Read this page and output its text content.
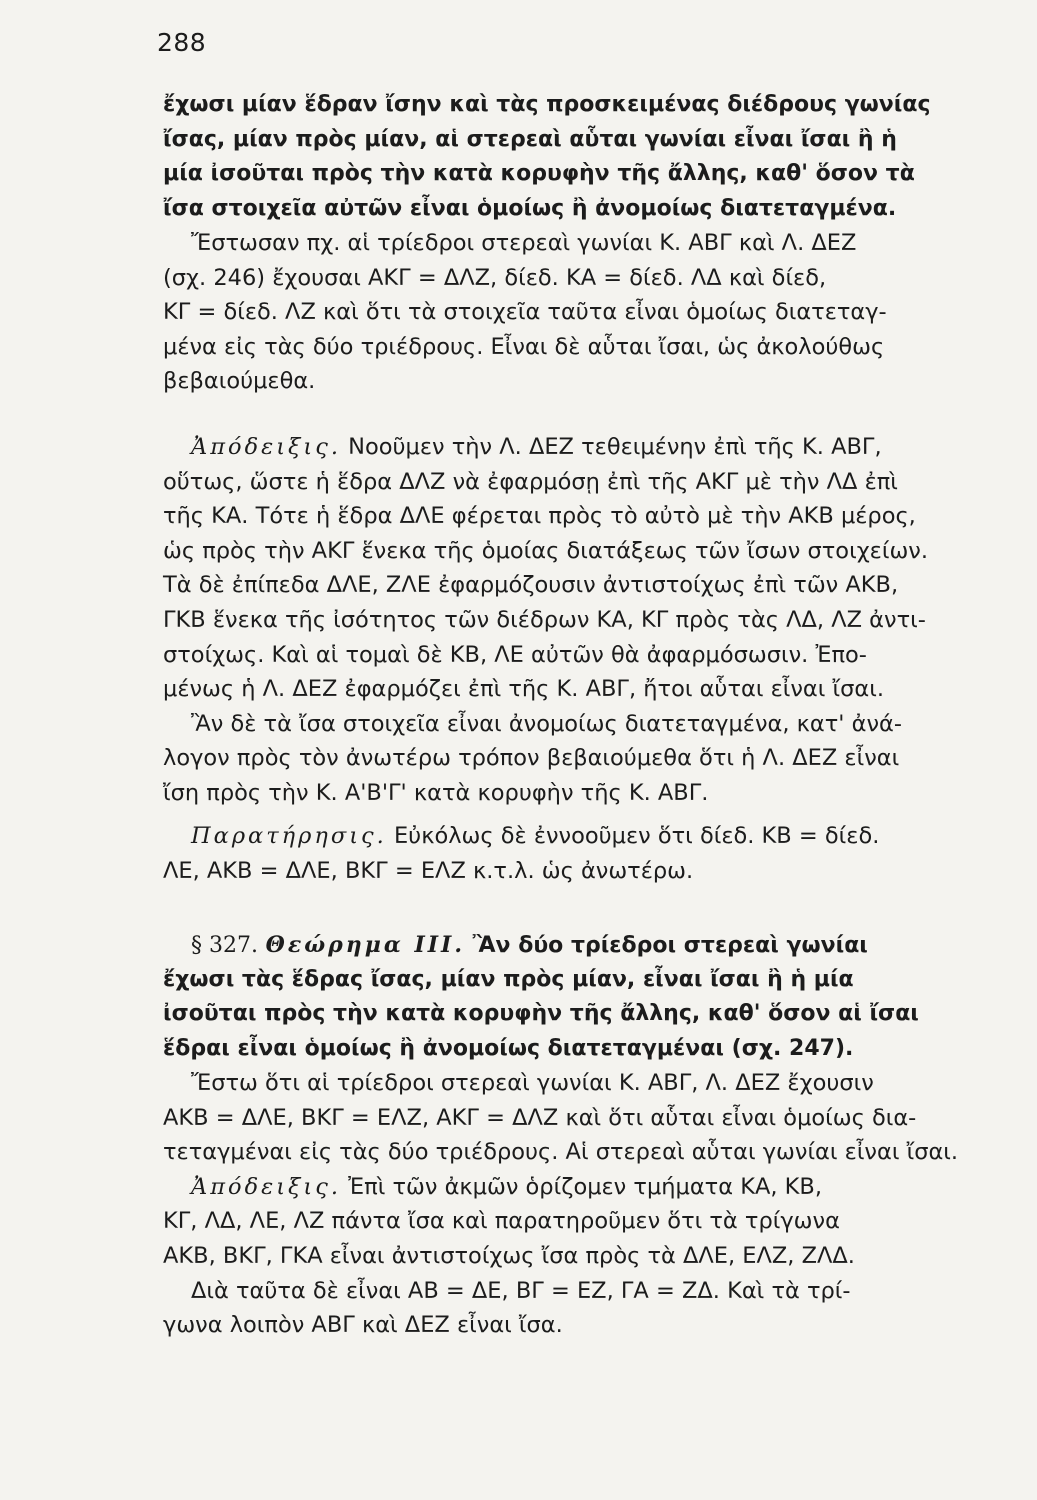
288
ἔχωσι μίαν ἕδραν ἴσην καὶ τὰς προσκειμένας διέδρους γωνίας
ἴσας, μίαν πρὸς μίαν, αἱ στερεαὶ αὗται γωνίαι εἶναι ἴσαι ἢ ἡ
μία ἰσοῦται πρὸς τὴν κατὰ κορυφὴν τῆς ἄλλης, καθ' ὅσον τὰ
ἴσα στοιχεῖα αὐτῶν εἶναι ὁμοίως ἢ ἀνομοίως διατεταγμένα.
Ἔστωσαν πχ. αἱ τρίεδροι στερεαὶ γωνίαι Κ. ΑΒΓ καὶ Λ. ΔΕΖ
(σχ. 246) ἔχουσαι ΑΚΓ = ΔΛΖ, δίεδ. ΚΑ = δίεδ. ΛΔ καὶ δίεδ,
ΚΓ = δίεδ. ΛΖ καὶ ὅτι τὰ στοιχεῖα ταῦτα εἶναι ὁμοίως διατεταγ-
μένα εἰς τὰς δύο τριέδρους. Εἶναι δὲ αὗται ἴσαι, ὡς ἀκολούθως
βεβαιούμεθα.
Ἀπόδειξις. Νοοῦμεν τὴν Λ. ΔΕΖ τεθειμένην ἐπὶ τῆς Κ. ΑΒΓ,
οὕτως, ὥστε ἡ ἕδρα ΔΛΖ νὰ ἐφαρμόσῃ ἐπὶ τῆς ΑΚΓ μὲ τὴν ΛΔ ἐπὶ
τῆς ΚΑ. Τότε ἡ ἕδρα ΔΛΕ φέρεται πρὸς τὸ αὐτὸ μὲ τὴν ΑΚΒ μέρος,
ὡς πρὸς τὴν ΑΚΓ ἕνεκα τῆς ὁμοίας διατάξεως τῶν ἴσων στοιχείων.
Τὰ δὲ ἐπίπεδα ΔΛΕ, ΖΛΕ ἐφαρμόζουσιν ἀντιστοίχως ἐπὶ τῶν ΑΚΒ,
ΓΚΒ ἕνεκα τῆς ἰσότητος τῶν διέδρων ΚΑ, ΚΓ πρὸς τὰς ΛΔ, ΛΖ ἀντι-
στοίχως. Καὶ αἱ τομαὶ δὲ ΚΒ, ΛΕ αὐτῶν θὰ ἀφαρμόσωσιν. Ἐπο-
μένως ἡ Λ. ΔΕΖ ἐφαρμόζει ἐπὶ τῆς Κ. ΑΒΓ, ἤτοι αὗται εἶναι ἴσαι.
Ἂν δὲ τὰ ἴσα στοιχεῖα εἶναι ἀνομοίως διατεταγμένα, κατ' ἀνά-
λογον πρὸς τὸν ἀνωτέρω τρόπον βεβαιούμεθα ὅτι ἡ Λ. ΔΕΖ εἶναι
ἴση πρὸς τὴν Κ. Α'Β'Γ' κατὰ κορυφὴν τῆς Κ. ΑΒΓ.
Παρατήρησις. Εὐκόλως δὲ ἐννοοῦμεν ὅτι δίεδ. ΚΒ = δίεδ.
ΛΕ, ΑΚΒ = ΔΛΕ, ΒΚΓ = ΕΛΖ κ.τ.λ. ὡς ἀνωτέρω.
§ 327. Θεώρημα ΙΙΙ. Ἂν δύο τρίεδροι στερεαὶ γωνίαι
ἔχωσι τὰς ἕδρας ἴσας, μίαν πρὸς μίαν, εἶναι ἴσαι ἢ ἡ μία
ἰσοῦται πρὸς τὴν κατὰ κορυφὴν τῆς ἄλλης, καθ' ὅσον αἱ ἴσαι
ἕδραι εἶναι ὁμοίως ἢ ἀνομοίως διατεταγμέναι (σχ. 247).
Ἔστω ὅτι αἱ τρίεδροι στερεαὶ γωνίαι Κ. ΑΒΓ, Λ. ΔΕΖ ἔχουσιν
ΑΚΒ = ΔΛΕ, ΒΚΓ = ΕΛΖ, ΑΚΓ = ΔΛΖ καὶ ὅτι αὗται εἶναι ὁμοίως δια-
τεταγμέναι εἰς τὰς δύο τριέδρους. Αἱ στερεαὶ αὗται γωνίαι εἶναι ἴσαι.
Ἀπόδειξις. Ἐπὶ τῶν ἀκμῶν ὁρίζομεν τμήματα ΚΑ, ΚΒ,
ΚΓ, ΛΔ, ΛΕ, ΛΖ πάντα ἴσα καὶ παρατηροῦμεν ὅτι τὰ τρίγωνα
ΑΚΒ, ΒΚΓ, ΓΚΑ εἶναι ἀντιστοίχως ἴσα πρὸς τὰ ΔΛΕ, ΕΛΖ, ΖΛΔ.
Διὰ ταῦτα δὲ εἶναι ΑΒ = ΔΕ, ΒΓ = ΕΖ, ΓΑ = ΖΔ. Καὶ τὰ τρί-
γωνα λοιπὸν ΑΒΓ καὶ ΔΕΖ εἶναι ἴσα.
